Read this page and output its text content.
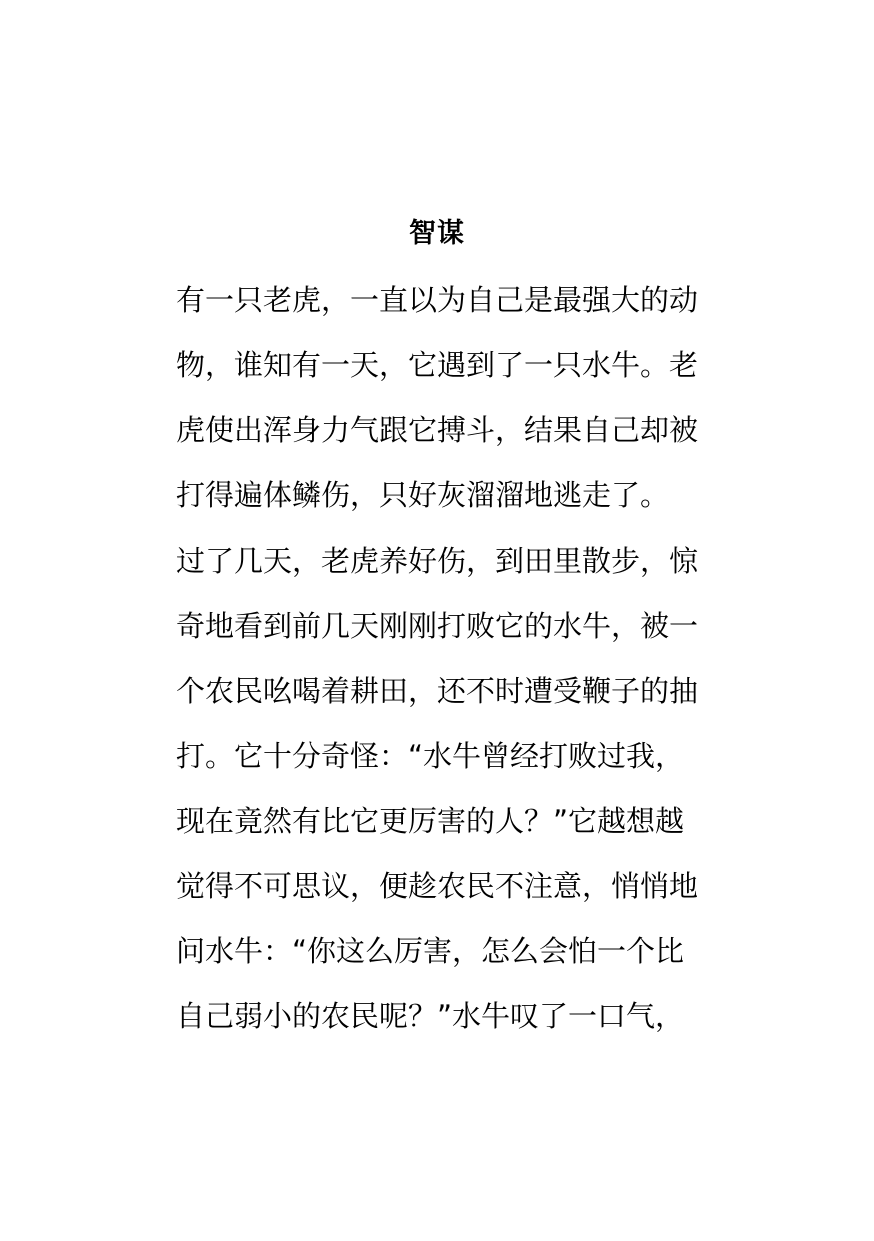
智谋
有一只老虎，一直以为自己是最强大的动
物，谁知有一天，它遇到了一只水牛。老
虎使出浑身力气跟它搏斗，结果自己却被
打得遍体鳞伤，只好灰溜溜地逃走了。
过了几天，老虎养好伤，到田里散步，惊
奇地看到前几天刚刚打败它的水牛，被一
个农民吆喝着耕田，还不时遭受鞭子的抽
打。它十分奇怪：“水牛曾经打败过我，
现在竟然有比它更厉害的人？”它越想越
觉得不可思议，便趁农民不注意，悄悄地
问水牛：“你这么厉害，怎么会怕一个比
自己弱小的农民呢？”水牛叹了一口气，
